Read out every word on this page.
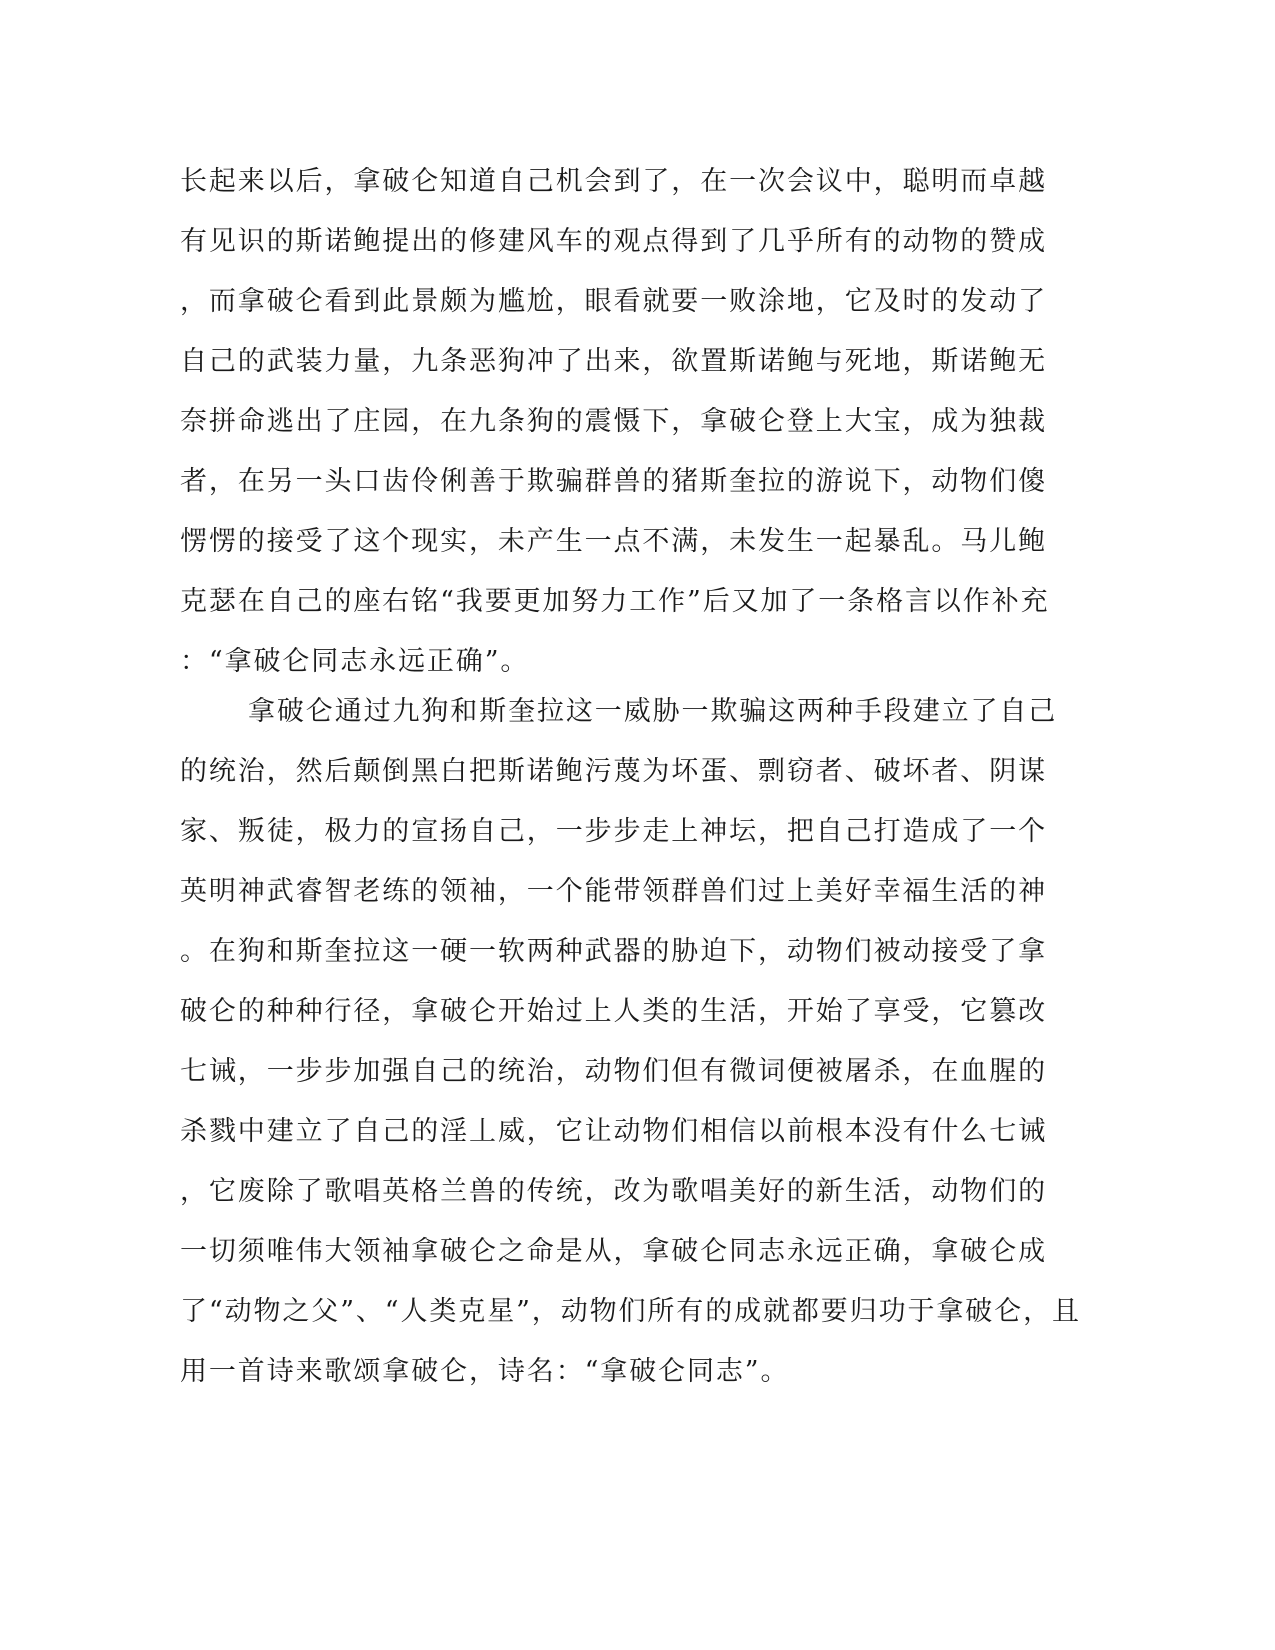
长起来以后，拿破仑知道自己机会到了，在一次会议中，聪明而卓越
有见识的斯诺鲍提出的修建风车的观点得到了几乎所有的动物的赞成
，而拿破仑看到此景颇为尴尬，眼看就要一败涂地，它及时的发动了
自己的武装力量，九条恶狗冲了出来，欲置斯诺鲍与死地，斯诺鲍无
奈拼命逃出了庄园，在九条狗的震慑下，拿破仑登上大宝，成为独裁
者，在另一头口齿伶俐善于欺骗群兽的猪斯奎拉的游说下，动物们傻
愣愣的接受了这个现实，未产生一点不满，未发生一起暴乱。马儿鲍
克瑟在自己的座右铭“我要更加努力工作”后又加了一条格言以作补充
：“拿破仑同志永远正确”。
拿破仑通过九狗和斯奎拉这一威胁一欺骗这两种手段建立了自己
的统治，然后颠倒黑白把斯诺鲍污蔑为坏蛋、剽窃者、破坏者、阴谋
家、叛徒，极力的宣扬自己，一步步走上神坛，把自己打造成了一个
英明神武睿智老练的领袖，一个能带领群兽们过上美好幸福生活的神
。在狗和斯奎拉这一硬一软两种武器的胁迫下，动物们被动接受了拿
破仑的种种行径，拿破仑开始过上人类的生活，开始了享受，它篡改
七诫，一步步加强自己的统治，动物们但有微词便被屠杀，在血腥的
杀戮中建立了自己的淫丄威，它让动物们相信以前根本没有什么七诫
，它废除了歌唱英格兰兽的传统，改为歌唱美好的新生活，动物们的
一切须唯伟大领袖拿破仑之命是从，拿破仑同志永远正确，拿破仑成
了“动物之父”、“人类克星”，动物们所有的成就都要归功于拿破仑，且
用一首诗来歌颂拿破仑，诗名：“拿破仑同志”。
